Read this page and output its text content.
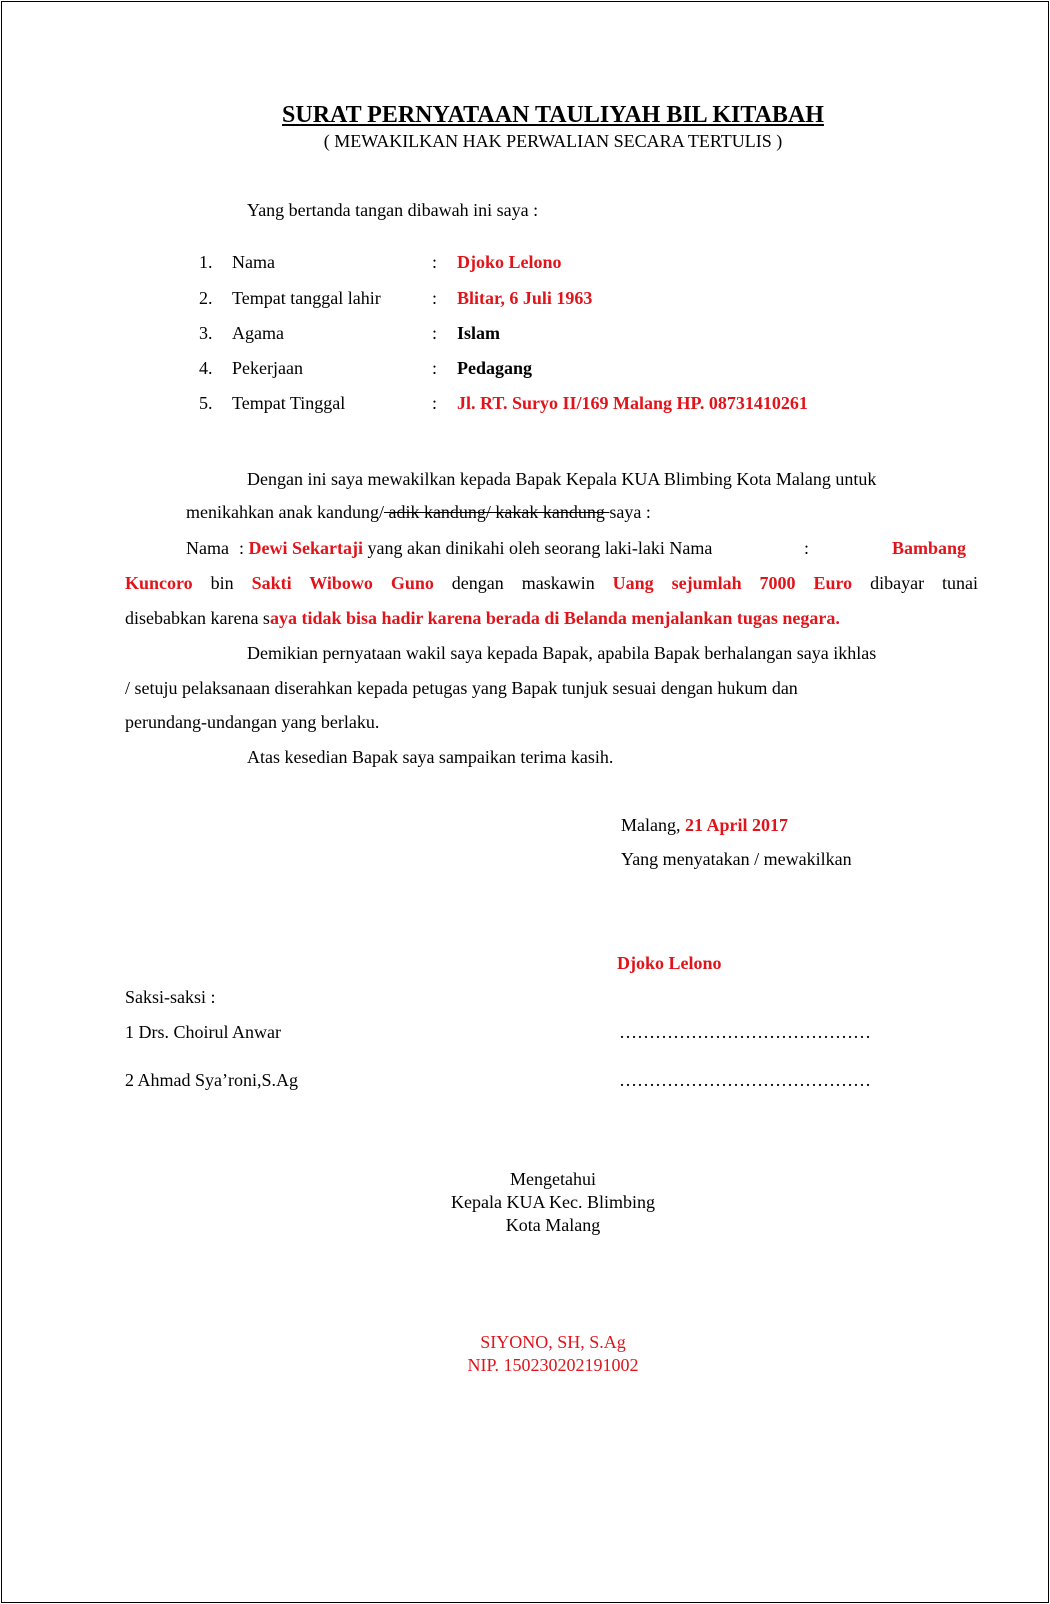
SURAT PERNYATAAN TAULIYAH BIL KITABAH
( MEWAKILKAN HAK PERWALIAN SECARA TERTULIS )
Yang bertanda tangan dibawah ini saya :
1. Nama	: Djoko Lelono
2. Tempat tanggal lahir	: Blitar, 6 Juli 1963
3. Agama	: Islam
4. Pekerjaan	: Pedagang
5. Tempat Tinggal	: Jl. RT. Suryo II/169 Malang HP. 08731410261
Dengan ini saya mewakilkan kepada Bapak Kepala KUA Blimbing Kota Malang untuk
menikahkan anak kandung/ adik kandung/ kakak kandung saya :
Nama : Dewi Sekartaji yang akan dinikahi oleh seorang laki-laki Nama	:	Bambang
Kuncoro bin Sakti Wibowo Guno dengan maskawin Uang sejumlah 7000 Euro dibayar tunai
disebabkan karena saya tidak bisa hadir karena berada di Belanda menjalankan tugas negara.
Demikian pernyataan wakil saya kepada Bapak, apabila Bapak berhalangan saya ikhlas
/ setuju pelaksanaan diserahkan kepada petugas yang Bapak tunjuk sesuai dengan hukum dan
perundang-undangan yang berlaku.
Atas kesedian Bapak saya sampaikan terima kasih.
Malang, 21 April 2017
Yang menyatakan / mewakilkan
Djoko Lelono
Saksi-saksi :
1 Drs. Choirul Anwar	……………………………………
2 Ahmad Sya’roni,S.Ag	……………………………………
Mengetahui
Kepala KUA Kec. Blimbing
Kota Malang
SIYONO, SH, S.Ag
NIP. 150230202191002
